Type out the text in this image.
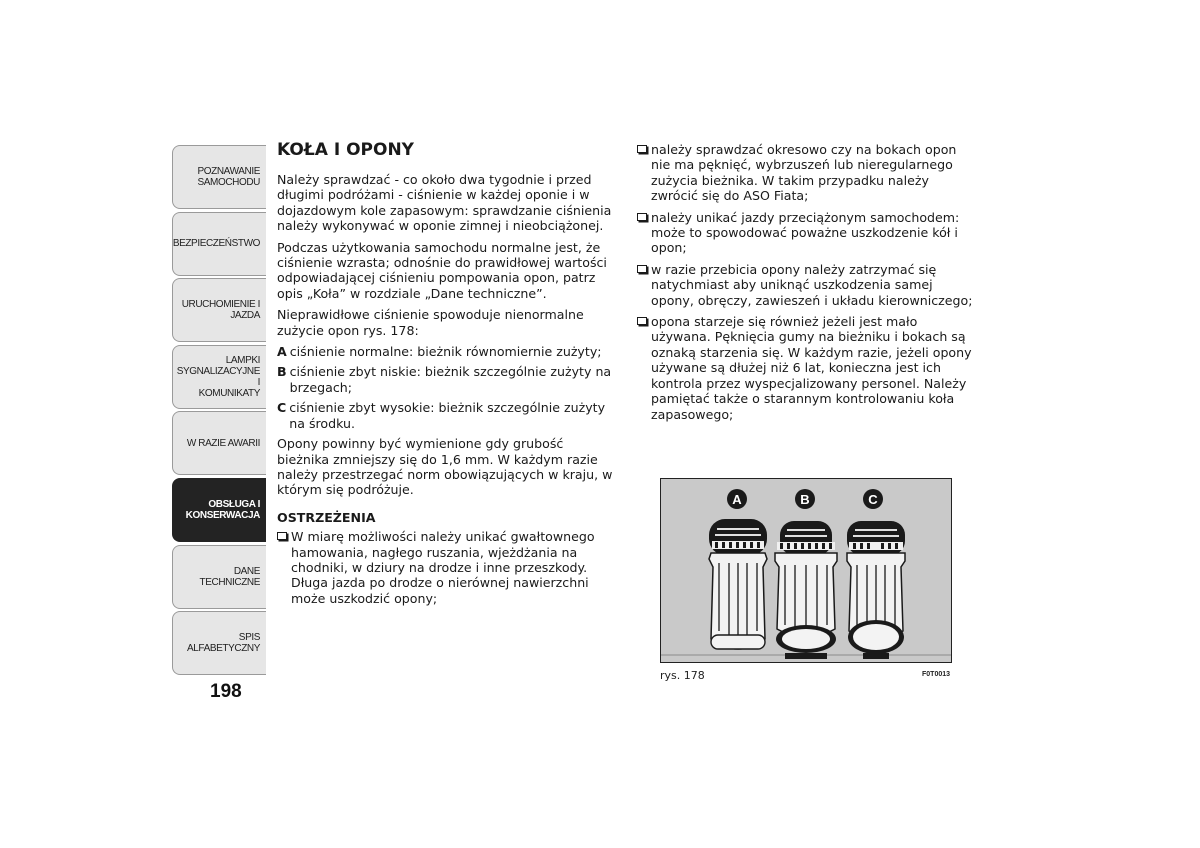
POZNAWANIE
SAMOCHODU
BEZPIECZEŃSTWO
URUCHOMIENIE I
JAZDA
LAMPKI
SYGNALIZACYJNE I
KOMUNIKATY
W RAZIE AWARII
OBSŁUGA I
KONSERWACJA
DANE TECHNICZNE
SPIS ALFABETYCZNY
198
KOŁA I OPONY

Należy sprawdzać - co około dwa tygodnie i przed długimi podróżami - ciśnienie w każdej oponie i w dojazdowym kole zapasowym: sprawdzanie ciśnienia należy wykonywać w oponie zimnej i nieobciążonej.

Podczas użytkowania samochodu normalne jest, że ciśnienie wzrasta; odnośnie do prawidłowej wartości odpowiadającej ciśnieniu pompowania opon, patrz opis „Koła” w rozdziale „Dane techniczne”.

Nieprawidłowe ciśnienie spowoduje nienormalne zużycie opon rys. 178:

A ciśnienie normalne: bieżnik równomiernie zużyty;
B ciśnienie zbyt niskie: bieżnik szczególnie zużyty na brzegach;
C ciśnienie zbyt wysokie: bieżnik szczególnie zużyty na środku.

Opony powinny być wymienione gdy grubość bieżnika zmniejszy się do 1,6 mm. W każdym razie należy przestrzegać norm obowiązujących w kraju, w którym się podróżuje.

OSTRZEŻENIA
W miarę możliwości należy unikać gwałtownego hamowania, nagłego ruszania, wjeżdżania na chodniki, w dziury na drodze i inne przeszkody. Długa jazda po drodze o nierównej nawierzchni może uszkodzić opony;
należy sprawdzać okresowo czy na bokach opon nie ma pęknięć, wybrzuszeń lub nieregularnego zużycia bieżnika. W takim przypadku należy zwrócić się do ASO Fiata;
należy unikać jazdy przeciążonym samochodem: może to spowodować poważne uszkodzenie kół i opon;
w razie przebicia opony należy zatrzymać się natychmiast aby uniknąć uszkodzenia samej opony, obręczy, zawieszeń i układu kierowniczego;
opona starzeje się również jeżeli jest mało używana. Pęknięcia gumy na bieżniku i bokach są oznaką starzenia się. W każdym razie, jeżeli opony używane są dłużej niż 6 lat, konieczna jest ich kontrola przez wyspecjalizowany personel. Należy pamiętać także o starannym kontrolowaniu koła zapasowego;
A	B	C
rys. 178	F0T0013
